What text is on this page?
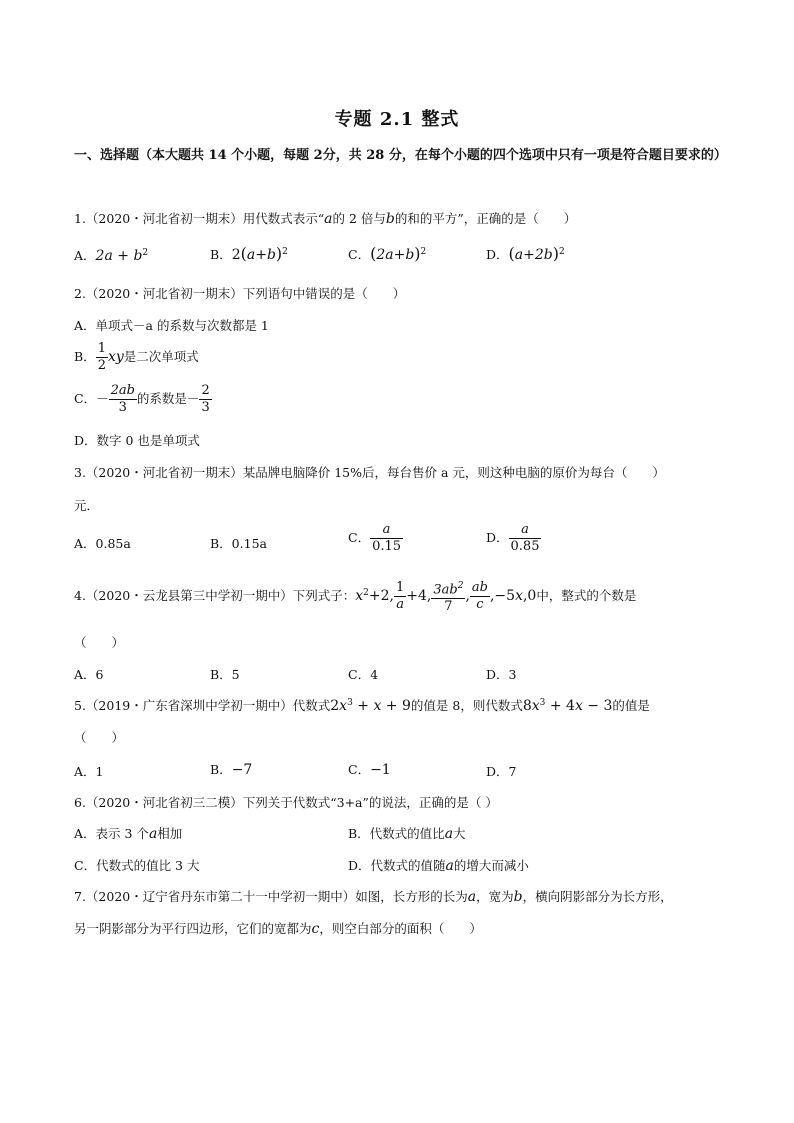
专题 2.1 整式
一、选择题（本大题共 14 个小题，每题 2分，共 28 分，在每个小题的四个选项中只有一项是符合题目要求的）
1.（2020・河北省初一期末）用代数式表示“a的 2 倍与b的和的平方”，正确的是（　　）
A．$2a + b^2$	B．$2(a+b)^2$	C．$(2a+b)^2$	D．$(a+2b)^2$
2.（2020・河北省初一期末）下列语句中错误的是（　　）
A．单项式－a 的系数与次数都是 1
B． $\frac{1}{2}$ xy是二次单项式
C．－ $\frac{2ab}{3}$ 的系数是－ $\frac{2}{3}$
D．数字 0 也是单项式
3.（2020・河北省初一期末）某品牌电脑降价 15%后，每台售价 a 元，则这种电脑的原价为每台（　　）
元．
A．0.85a	B．0.15a	C． $\frac{a}{0.15}$	D． $\frac{a}{0.85}$
4.（2020・云龙县第三中学初一期中）下列式子：$x^2+2$, $\frac{1}{a} +4$, $\frac{3ab^2}{7}$ , $\frac{ab}{c} ,-5x,0$中，整式的个数是
（　　）
A．6	B．5	C．4	D．3
5.（2019・广东省深圳中学初一期中）代数式$2x^3 + x + 9$的值是 8，则代数式$8x^3 + 4x - 3$的值是
（　　）
A．1	B．−7	C．−1	D．7
6.（2020・河北省初三二模）下列关于代数式“3+a”的说法，正确的是（ ）
A．表示 3 个a相加	B．代数式的值比a大
C．代数式的值比 3 大	D．代数式的值随a的增大而减小
7.（2020・辽宁省丹东市第二十一中学初一期中）如图，长方形的长为a，宽为b，横向阴影部分为长方形，
另一阴影部分为平行四边形，它们的宽都为c，则空白部分的面积（　　）
